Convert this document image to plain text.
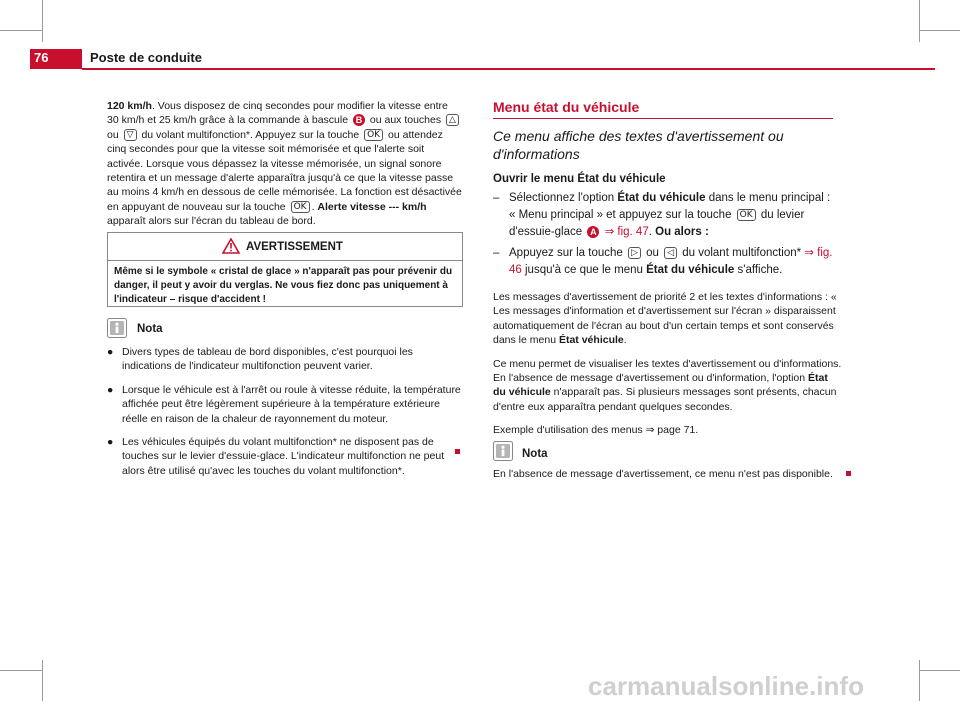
76	Poste de conduite

120 km/h. Vous disposez de cinq secondes pour modifier la vitesse entre 30 km/h et 25 km/h grâce à la commande à bascule B ou aux touches △ ou ▽ du volant multifonction*. Appuyez sur la touche OK ou attendez cinq secondes pour que la vitesse soit mémorisée et que l'alerte soit activée. Lorsque vous dépassez la vitesse mémorisée, un signal sonore retentira et un message d'alerte apparaîtra jusqu'à ce que la vitesse passe au moins 4 km/h en dessous de celle mémorisée. La fonction est désactivée en appuyant de nouveau sur la touche OK . Alerte vitesse --- km/h apparaît alors sur l'écran du tableau de bord.

AVERTISSEMENT
Même si le symbole « cristal de glace » n'apparaît pas pour prévenir du danger, il peut y avoir du verglas. Ne vous fiez donc pas uniquement à l'indicateur – risque d'accident !
Nota
● Divers types de tableau de bord disponibles, c'est pourquoi les indications de l'indicateur multifonction peuvent varier.
● Lorsque le véhicule est à l'arrêt ou roule à vitesse réduite, la température affichée peut être légèrement supérieure à la température extérieure réelle en raison de la chaleur de rayonnement du moteur.
● Les véhicules équipés du volant multifonction* ne disposent pas de touches sur le levier d'essuie-glace. L'indicateur multifonction ne peut alors être utilisé qu'avec les touches du volant multifonction*.
Menu état du véhicule
Ce menu affiche des textes d'avertissement ou d'informations
Ouvrir le menu État du véhicule
– Sélectionnez l'option État du véhicule dans le menu principal : « Menu principal » et appuyez sur la touche OK du levier d'essuie-glace A ⇒ fig. 47. Ou alors :
– Appuyez sur la touche ▷ ou ◁ du volant multifonction* ⇒ fig. 46 jusqu'à ce que le menu État du véhicule s'affiche.

Les messages d'avertissement de priorité 2 et les textes d'informations : « Les messages d'information et d'avertissement sur l'écran » disparaissent automatiquement de l'écran au bout d'un certain temps et sont conservés dans le menu État véhicule.

Ce menu permet de visualiser les textes d'avertissement ou d'informations. En l'absence de message d'avertissement ou d'information, l'option État du véhicule n'apparaît pas. Si plusieurs messages sont présents, chacun d'entre eux apparaîtra pendant quelques secondes.

Exemple d'utilisation des menus ⇒ page 71.

Nota
En l'absence de message d'avertissement, ce menu n'est pas disponible.
carmanualsonline.info
